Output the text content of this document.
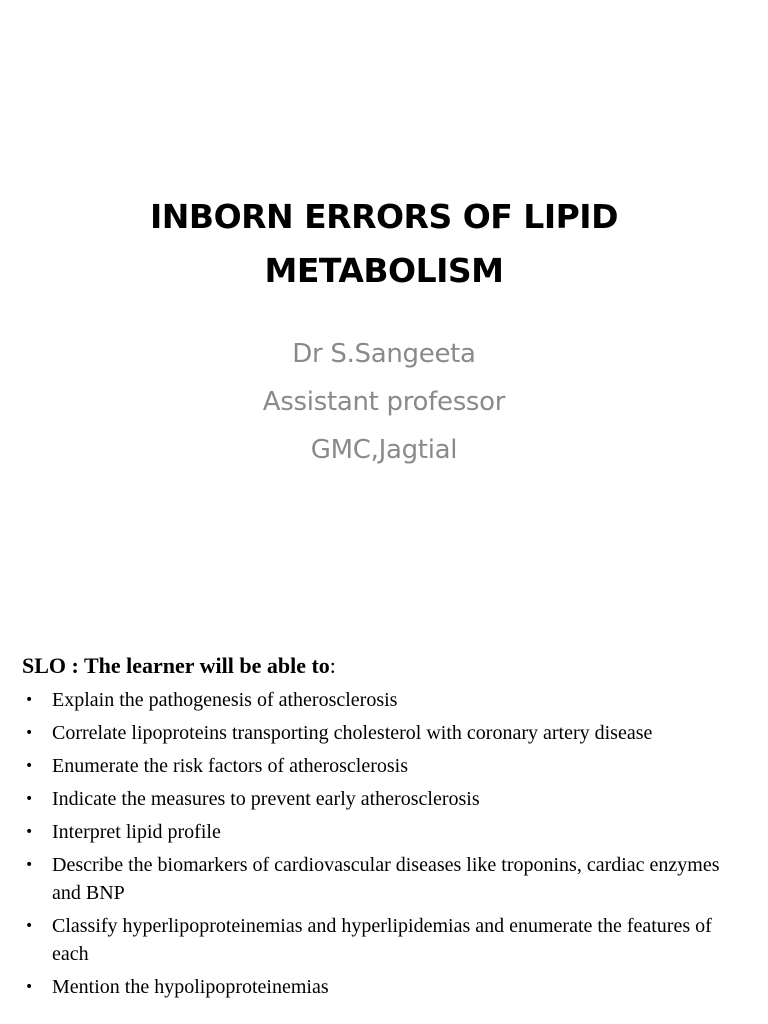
INBORN ERRORS OF LIPID
METABOLISM
Dr S.Sangeeta
Assistant professor
GMC,Jagtial
SLO : The learner will be able to:
• Explain the pathogenesis of atherosclerosis
• Correlate lipoproteins transporting cholesterol with coronary artery disease
• Enumerate the risk factors of atherosclerosis
• Indicate the measures to prevent early atherosclerosis
• Interpret lipid profile
• Describe the biomarkers of cardiovascular diseases like troponins, cardiac enzymes and BNP
• Classify hyperlipoproteinemias and hyperlipidemias and enumerate the features of each
• Mention the hypolipoproteinemias
